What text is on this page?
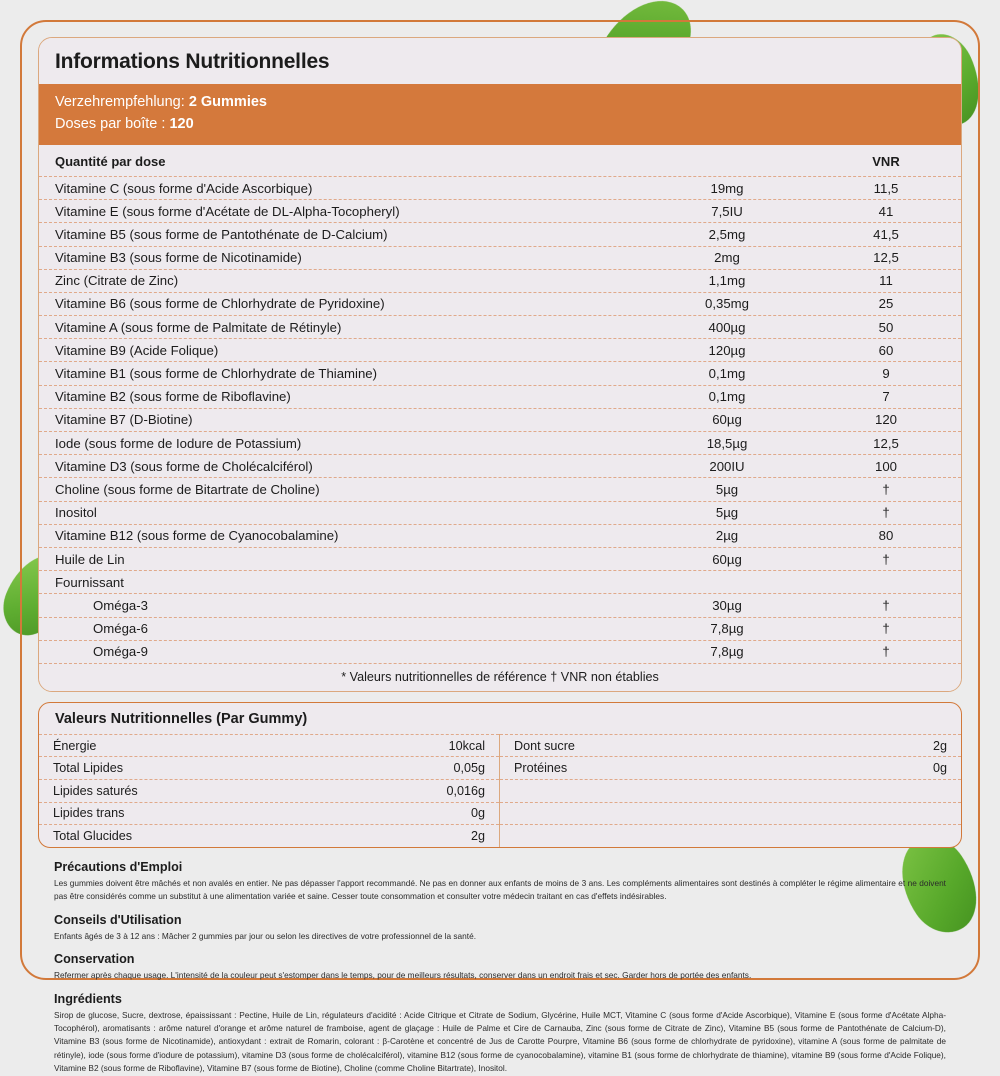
Informations Nutritionnelles
Verzehrempfehlung: 2 Gummies
Doses par boîte : 120
Quantité par dose	VNR
Vitamine C (sous forme d'Acide Ascorbique)	19mg	11,5
Vitamine E (sous forme d'Acétate de DL-Alpha-Tocopheryl)	7,5IU	41
Vitamine B5 (sous forme de Pantothénate de D-Calcium)	2,5mg	41,5
Vitamine B3 (sous forme de Nicotinamide)	2mg	12,5
Zinc (Citrate de Zinc)	1,1mg	11
Vitamine B6 (sous forme de Chlorhydrate de Pyridoxine)	0,35mg	25
Vitamine A (sous forme de Palmitate de Rétinyle)	400µg	50
Vitamine B9 (Acide Folique)	120µg	60
Vitamine B1 (sous forme de Chlorhydrate de Thiamine)	0,1mg	9
Vitamine B2 (sous forme de Riboflavine)	0,1mg	7
Vitamine B7 (D-Biotine)	60µg	120
Iode (sous forme de Iodure de Potassium)	18,5µg	12,5
Vitamine D3 (sous forme de Cholécalciférol)	200IU	100
Choline (sous forme de Bitartrate de Choline)	5µg	†
Inositol	5µg	†
Vitamine B12 (sous forme de Cyanocobalamine)	2µg	80
Huile de Lin	60µg	†
Fournissant
Oméga-3	30µg	†
Oméga-6	7,8µg	†
Oméga-9	7,8µg	†
* Valeurs nutritionnelles de référence † VNR non établies
Valeurs Nutritionnelles (Par Gummy)
Énergie	10kcal
Total Lipides	0,05g
Lipides saturés	0,016g
Lipides trans	0g
Total Glucides	2g
Dont sucre	2g
Protéines	0g
Précautions d'Emploi
Les gummies doivent être mâchés et non avalés en entier. Ne pas dépasser l'apport recommandé. Ne pas en donner aux enfants de moins de 3 ans. Les compléments alimentaires sont destinés à compléter le régime alimentaire et ne doivent pas être considérés comme un substitut à une alimentation variée et saine. Cesser toute consommation et consulter votre médecin traitant en cas d'effets indésirables.
Conseils d'Utilisation
Enfants âgés de 3 à 12 ans : Mâcher 2 gummies par jour ou selon les directives de votre professionnel de la santé.
Conservation
Refermer après chaque usage. L'intensité de la couleur peut s'estomper dans le temps, pour de meilleurs résultats, conserver dans un endroit frais et sec. Garder hors de portée des enfants.
Ingrédients
Sirop de glucose, Sucre, dextrose, épaississant : Pectine, Huile de Lin, régulateurs d'acidité : Acide Citrique et Citrate de Sodium, Glycérine, Huile MCT, Vitamine C (sous forme d'Acide Ascorbique), Vitamine E (sous forme d'Acétate Alpha-Tocophérol), aromatisants : arôme naturel d'orange et arôme naturel de framboise, agent de glaçage : Huile de Palme et Cire de Carnauba, Zinc (sous forme de Citrate de Zinc), Vitamine B5 (sous forme de Pantothénate de Calcium-D), Vitamine B3 (sous forme de Nicotinamide), antioxydant : extrait de Romarin, colorant : β-Carotène et concentré de Jus de Carotte Pourpre, Vitamine B6 (sous forme de chlorhydrate de pyridoxine), vitamine A (sous forme de palmitate de rétinyle), iode (sous forme d'iodure de potassium), vitamine D3 (sous forme de cholécalciférol), vitamine B12 (sous forme de cyanocobalamine), vitamine B1 (sous forme de chlorhydrate de thiamine), vitamine B9 (sous forme d'Acide Folique), Vitamine B2 (sous forme de Riboflavine), Vitamine B7 (sous forme de Biotine), Choline (comme Choline Bitartrate), Inositol.
